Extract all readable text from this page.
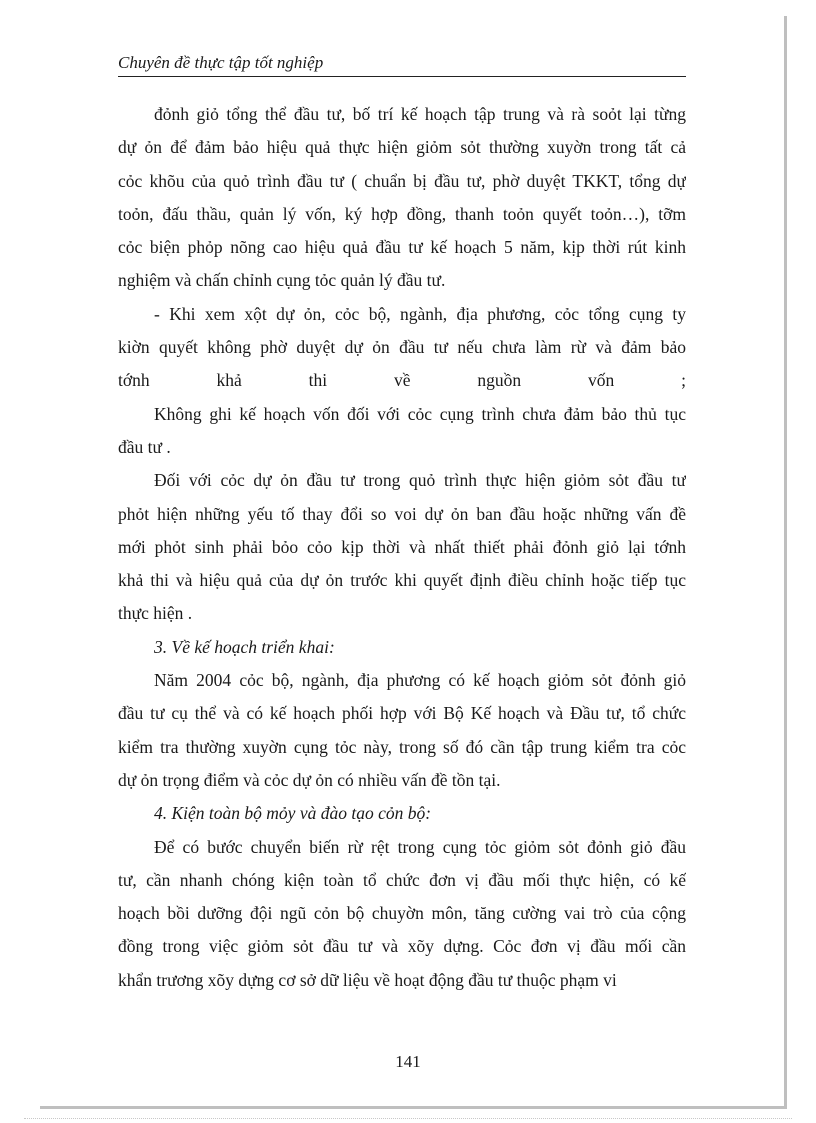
Chuyên đề thực tập tốt nghiệp
đỏnh giỏ tổng thể đầu tư, bố trí kế hoạch tập trung và rà soỏt lại từng
dự ỏn để đảm bảo hiệu quả thực hiện giỏm sỏt thường xuyờn trong tất cả
cỏc khõu của quỏ trình đầu tư ( chuẩn bị đầu tư, phờ duyệt TKKT, tổng dự
toỏn, đấu thầu, quản lý vốn, ký hợp đồng, thanh toỏn quyết toỏn…), tỡm
cỏc biện phỏp nõng cao hiệu quả đầu tư kế hoạch 5 năm, kịp thời rút kinh
nghiệm và chấn chỉnh cụng tỏc quản lý đầu tư.
- Khi xem xột dự ỏn, cỏc bộ, ngành, địa phương, cỏc tổng cụng ty
kiờn quyết không phờ duyệt dự ỏn đầu tư nếu chưa làm rừ và đảm bảo
tớnh khả thi về nguồn vốn ;
Không ghi kế hoạch vốn đối với cỏc cụng trình chưa đảm bảo thủ tục
đầu tư .
Đối với cỏc dự ỏn đầu tư trong quỏ trình thực hiện giỏm sỏt đầu tư
phỏt hiện những yếu tố thay đổi so voi dự ỏn ban đầu hoặc những vấn đề
mới phỏt sinh phải bỏo cỏo kịp thời và nhất thiết phải đỏnh giỏ lại tớnh
khả thi và hiệu quả của dự ỏn trước khi quyết định điều chỉnh hoặc tiếp tục
thực hiện .
3. Về kế hoạch triển khai:
Năm 2004 cỏc bộ, ngành, địa phương có kế hoạch giỏm sỏt đỏnh giỏ
đầu tư cụ thể và có kế hoạch phối hợp với Bộ Kế hoạch và Đầu tư, tổ chức
kiểm tra thường xuyờn cụng tỏc này, trong số đó cần tập trung kiểm tra cỏc
dự ỏn trọng điểm và cỏc dự ỏn có nhiều vấn đề tồn tại.
4. Kiện toàn bộ mỏy và đào tạo cỏn bộ:
Để có bước chuyển biến rừ rệt trong cụng tỏc giỏm sỏt đỏnh giỏ đầu
tư, cần nhanh chóng kiện toàn tổ chức đơn vị đầu mối thực hiện, có kế
hoạch bồi dưỡng đội ngũ cỏn bộ chuyờn môn, tăng cường vai trò của cộng
đồng trong việc giỏm sỏt đầu tư và xõy dựng. Cỏc đơn vị đầu mối cần
khẩn trương xõy dựng cơ sở dữ liệu về hoạt động đầu tư thuộc phạm vi
141
